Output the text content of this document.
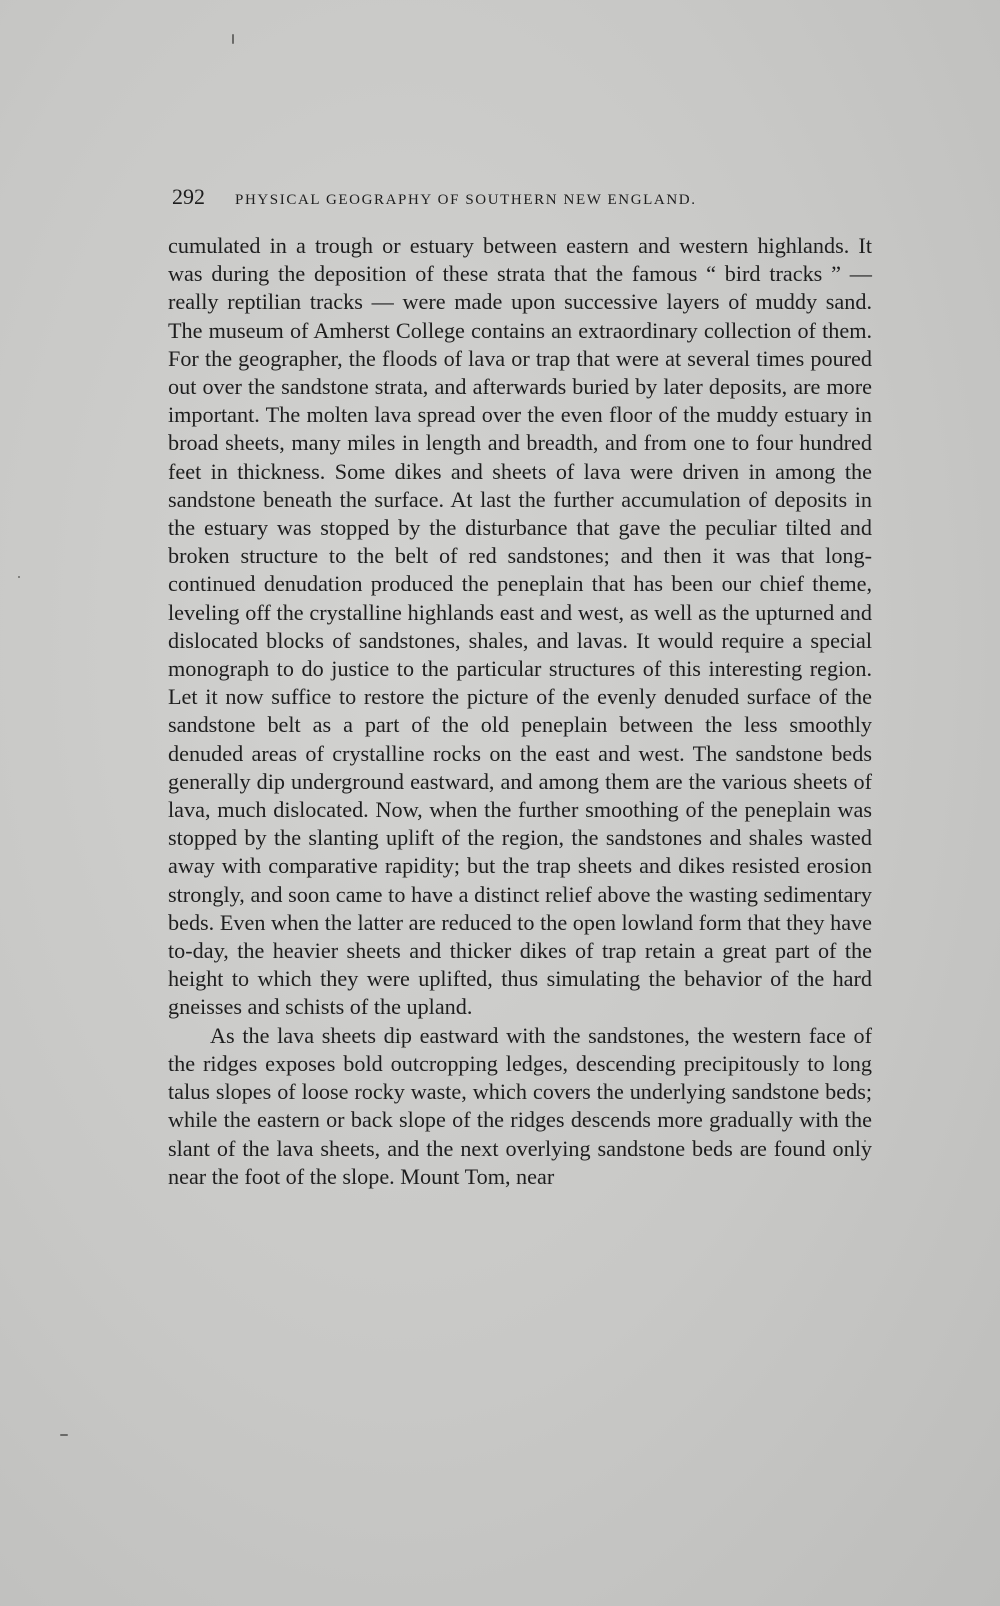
292 PHYSICAL GEOGRAPHY OF SOUTHERN NEW ENGLAND.

cumulated in a trough or estuary between eastern and western highlands. It was during the deposition of these strata that the famous “ bird tracks ” — really reptilian tracks — were made upon successive layers of muddy sand. The museum of Amherst College contains an extraordinary collection of them. For the geographer, the floods of lava or trap that were at several times poured out over the sandstone strata, and afterwards buried by later deposits, are more important. The molten lava spread over the even floor of the muddy estuary in broad sheets, many miles in length and breadth, and from one to four hundred feet in thickness. Some dikes and sheets of lava were driven in among the sandstone beneath the surface. At last the further accumulation of deposits in the estuary was stopped by the disturbance that gave the peculiar tilted and broken structure to the belt of red sandstones; and then it was that long-continued denudation produced the peneplain that has been our chief theme, leveling off the crystalline highlands east and west, as well as the upturned and dislocated blocks of sandstones, shales, and lavas. It would require a special monograph to do justice to the particular structures of this interesting region. Let it now suffice to restore the picture of the evenly denuded surface of the sandstone belt as a part of the old peneplain between the less smoothly denuded areas of crystalline rocks on the east and west. The sandstone beds generally dip underground eastward, and among them are the various sheets of lava, much dislocated. Now, when the further smoothing of the peneplain was stopped by the slanting uplift of the region, the sandstones and shales wasted away with comparative rapidity; but the trap sheets and dikes resisted erosion strongly, and soon came to have a distinct relief above the wasting sedimentary beds. Even when the latter are reduced to the open lowland form that they have to-day, the heavier sheets and thicker dikes of trap retain a great part of the height to which they were uplifted, thus simulating the behavior of the hard gneisses and schists of the upland.

As the lava sheets dip eastward with the sandstones, the western face of the ridges exposes bold outcropping ledges, descending precipitously to long talus slopes of loose rocky waste, which covers the underlying sandstone beds; while the eastern or back slope of the ridges descends more gradually with the slant of the lava sheets, and the next overlying sandstone beds are found only near the foot of the slope. Mount Tom, near
